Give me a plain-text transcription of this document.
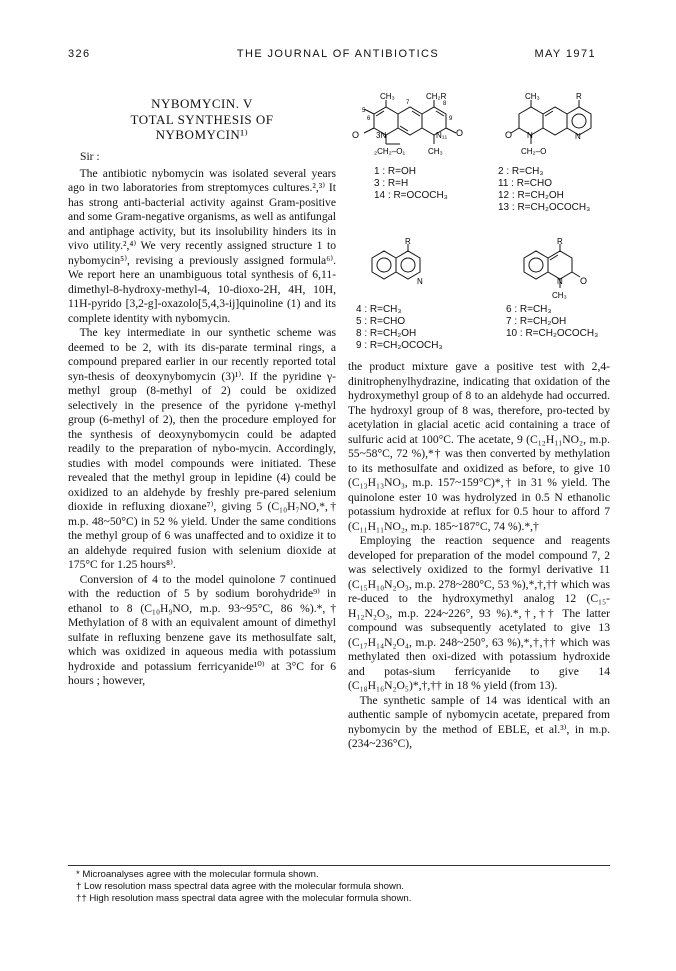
326	THE JOURNAL OF ANTIBIOTICS	MAY 1971
NYBOMYCIN. V
TOTAL SYNTHESIS OF
NYBOMYCIN¹⁾
CH₃	CH₂R
O 3N	N₁₁ O
₂CH₂–O₁	CH₃
6
7
5
8
9
CH₃	R
O N	N
CH₂–O
1 : R=OH
3 : R=H
14 : R=OCOCH₃
2 : R=CH₃
11 : R=CHO
12 : R=CH₂OH
13 : R=CH₂OCOCH₃
R
N
R
N O
CH₃
4 : R=CH₃
5 : R=CHO
8 : R=CH₂OH
9 : R=CH₂OCOCH₃
6 : R=CH₃
7 : R=CH₂OH
10 : R=CH₂OCOCH₃

Sir :

The antibiotic nybomycin was isolated several years ago in two laboratories from streptomyces cultures.²,³⁾ It has strong anti-bacterial activity against Gram-positive and some Gram-negative organisms, as well as antifungal and antiphage activity, but its insolubility hinders its in vivo utility.²,⁴⁾ We very recently assigned structure 1 to nybomycin⁵⁾, revising a previously assigned formula⁶⁾. We report here an unambiguous total synthesis of 6,11-dimethyl-8-hydroxy-methyl-4, 10-dioxo-2H, 4H, 10H, 11H-pyrido [3,2-g]-oxazolo[5,4,3-ij]quinoline (1) and its complete identity with nybomycin.

The key intermediate in our synthetic scheme was deemed to be 2, with its dis-parate terminal rings, a compound prepared earlier in our recently reported total syn-thesis of deoxynybomycin (3)¹⁾. If the pyridine γ-methyl group (8-methyl of 2) could be oxidized selectively in the presence of the pyridone γ-methyl group (6-methyl of 2), then the procedure employed for the synthesis of deoxynybomycin could be adapted readily to the preparation of nybo-mycin. Accordingly, studies with model compounds were initiated. These revealed that the methyl group in lepidine (4) could be oxidized to an aldehyde by freshly pre-pared selenium dioxide in refluxing dioxane⁷⁾, giving 5 (C₁₀H₇NO,*,† m.p. 48~50°C) in 52 % yield. Under the same conditions the methyl group of 6 was unaffected and to oxidize it to an aldehyde required fusion with selenium dioxide at 175°C for 1.25 hours⁸⁾.

Conversion of 4 to the model quinolone 7 continued with the reduction of 5 by sodium borohydride⁹⁾ in ethanol to 8 (C₁₀H₉NO, m.p. 93~95°C, 86 %).*,† Methylation of 8 with an equivalent amount of dimethyl sulfate in refluxing benzene gave its methosulfate salt, which was oxidized in aqueous media with potassium hydroxide and potassium ferricyanide¹⁰⁾ at 3°C for 6 hours ; however,

the product mixture gave a positive test with 2,4-dinitrophenylhydrazine, indicating that oxidation of the hydroxymethyl group of 8 to an aldehyde had occurred. The hydroxyl group of 8 was, therefore, pro-tected by acetylation in glacial acetic acid containing a trace of sulfuric acid at 100°C. The acetate, 9 (C₁₂H₁₁NO₂, m.p. 55~58°C, 72 %),*† was then converted by methylation to its methosulfate and oxidized as before, to give 10 (C₁₃H₁₃NO₃, m.p. 157~159°C)*,† in 31 % yield. The quinolone ester 10 was hydrolyzed in 0.5 N ethanolic potassium hydroxide at reflux for 0.5 hour to afford 7 (C₁₁H₁₁NO₂, m.p. 185~187°C, 74 %).*,†

Employing the reaction sequence and reagents developed for preparation of the model compound 7, 2 was selectively oxidized to the formyl derivative 11 (C₁₅H₁₀N₂O₃, m.p. 278~280°C, 53 %),*,†,†† which was re-duced to the hydroxymethyl analog 12 (C₁₅-H₁₂N₂O₃, m.p. 224~226°, 93 %).*,†,†† The latter compound was subsequently acetylated to give 13 (C₁₇H₁₄N₂O₄, m.p. 248~250°, 63 %),*,†,†† which was methylated then oxi-dized with potassium hydroxide and potas-sium ferricyanide to give 14 (C₁₈H₁₆N₂O₅)*,†,†† in 18 % yield (from 13).

The synthetic sample of 14 was identical with an authentic sample of nybomycin acetate, prepared from nybomycin by the method of EBLE, et al.³⁾, in m.p. (234~236°C),

* Microanalyses agree with the molecular formula shown.
† Low resolution mass spectral data agree with the molecular formula shown.
†† High resolution mass spectral data agree with the molecular formula shown.
